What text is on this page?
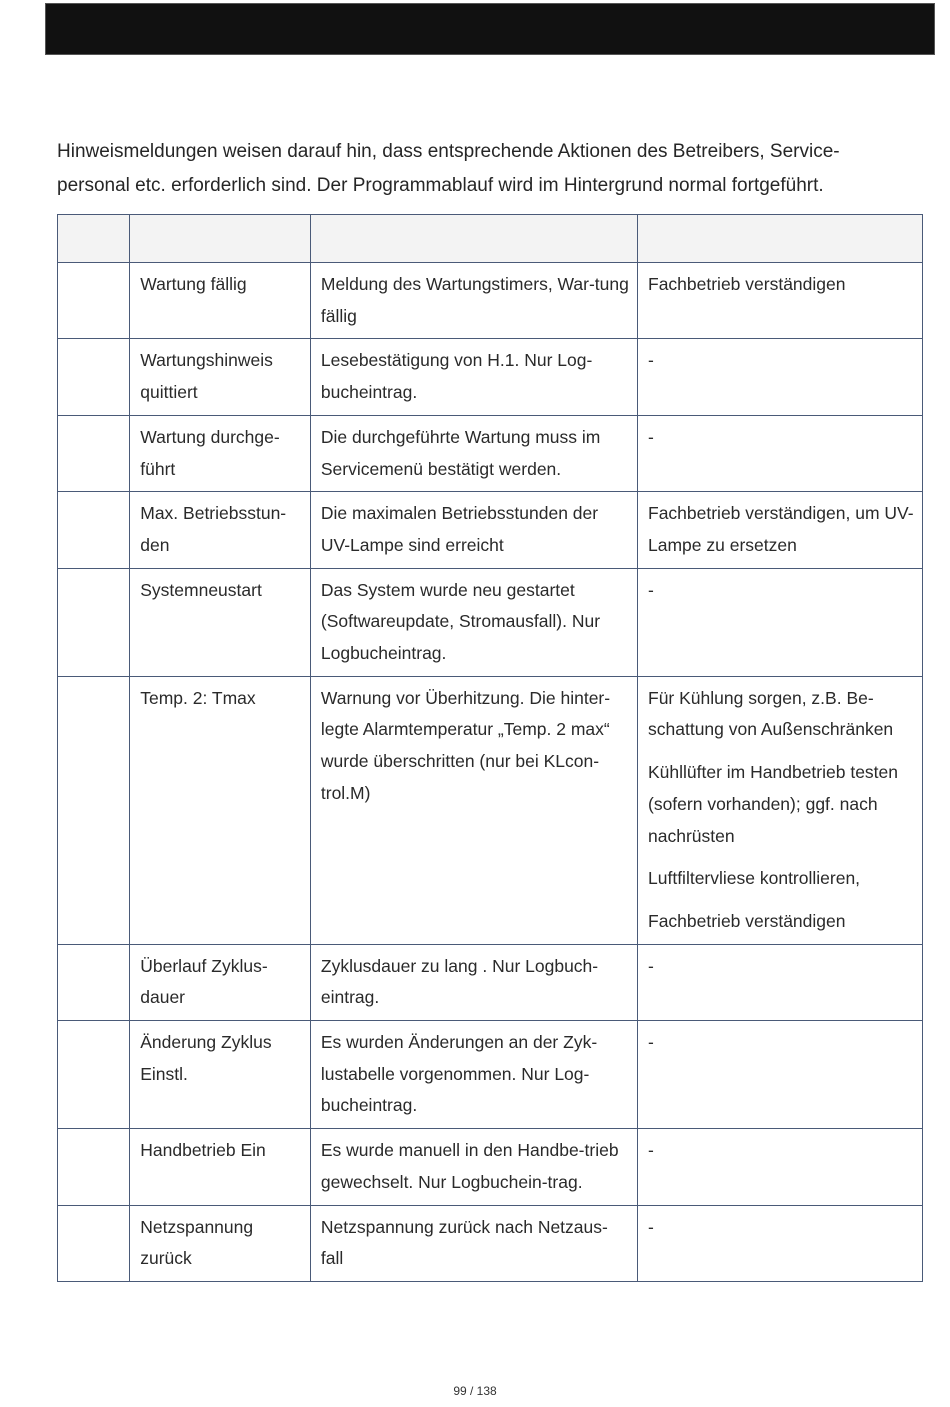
Hinweismeldungen weisen darauf hin, dass entsprechende Aktionen des Betreibers, Service-
personal etc. erforderlich sind. Der Programmablauf wird im Hintergrund normal fortgeführt.

	Wartung fällig	Meldung des Wartungstimers, War-tung fällig	Fachbetrieb verständigen

	Wartungshinweis quittiert	Lesebestätigung von H.1. Nur Log-bucheintrag.	-

	Wartung durchge-führt	Die durchgeführte Wartung muss im Servicemenü bestätigt werden.	-

	Max. Betriebsstun-den	Die maximalen Betriebsstunden der UV-Lampe sind erreicht	Fachbetrieb verständigen, um UV-Lampe zu ersetzen

	Systemneustart	Das System wurde neu gestartet (Softwareupdate, Stromausfall). Nur Logbucheintrag.	-

	Temp. 2: Tmax	Warnung vor Überhitzung. Die hinter-legte Alarmtemperatur „Temp. 2 max“ wurde überschritten (nur bei KLcon-trol.M)	Für Kühlung sorgen, z.B. Be-schattung von Außenschränken
Kühllüfter im Handbetrieb testen (sofern vorhanden); ggf. nach nachrüsten
Luftfiltervliese kontrollieren,
Fachbetrieb verständigen

	Überlauf Zyklus-dauer	Zyklusdauer zu lang . Nur Logbuch-eintrag.	-

	Änderung Zyklus Einstl.	Es wurden Änderungen an der Zyk-lustabelle vorgenommen. Nur Log-bucheintrag.	-

	Handbetrieb Ein	Es wurde manuell in den Handbe-trieb gewechselt. Nur Logbuchein-trag.	-

	Netzspannung zurück	Netzspannung zurück nach Netzaus-fall	-
99 / 138
